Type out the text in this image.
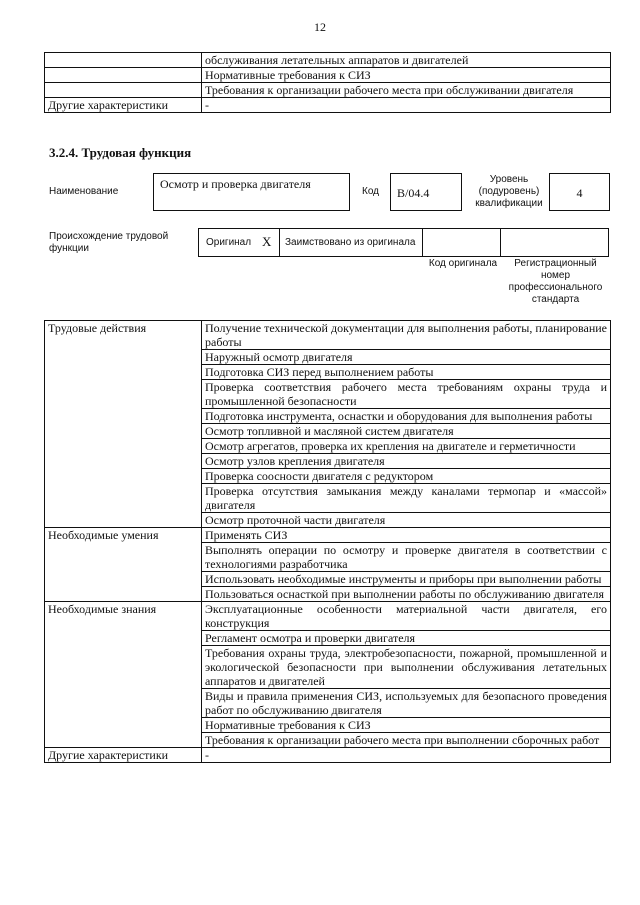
12
	обслуживания летательных аппаратов и двигателей
	Нормативные требования к СИЗ
	Требования к организации рабочего места при обслуживании двигателя
Другие характеристики	-
3.2.4. Трудовая функция
Наименование
Осмотр и проверка двигателя
Код	В/04.4
Уровень (подуровень) квалификации
4
Происхождение трудовой функции
Оригинал X Заимствовано из оригинала
Код оригинала	Регистрационный номер профессионального стандарта
Трудовые действия	Получение технической документации для выполнения работы, планирование работы
	Наружный осмотр двигателя
	Подготовка СИЗ перед выполнением работы
	Проверка соответствия рабочего места требованиям охраны труда и промышленной безопасности
	Подготовка инструмента, оснастки и оборудования для выполнения работы
	Осмотр топливной и масляной систем двигателя
	Осмотр агрегатов, проверка их крепления на двигателе и герметичности
	Осмотр узлов крепления двигателя
	Проверка соосности двигателя с редуктором
	Проверка отсутствия замыкания между каналами термопар и «массой» двигателя
	Осмотр проточной части двигателя
Необходимые умения	Применять СИЗ
	Выполнять операции по осмотру и проверке двигателя в соответствии с технологиями разработчика
	Использовать необходимые инструменты и приборы при выполнении работы
	Пользоваться оснасткой при выполнении работы по обслуживанию двигателя
Необходимые знания	Эксплуатационные особенности материальной части двигателя, его конструкция
	Регламент осмотра и проверки двигателя
	Требования охраны труда, электробезопасности, пожарной, промышленной и экологической безопасности при выполнении обслуживания летательных аппаратов и двигателей
	Виды и правила применения СИЗ, используемых для безопасного проведения работ по обслуживанию двигателя
	Нормативные требования к СИЗ
	Требования к организации рабочего места при выполнении сборочных работ
Другие характеристики	-
